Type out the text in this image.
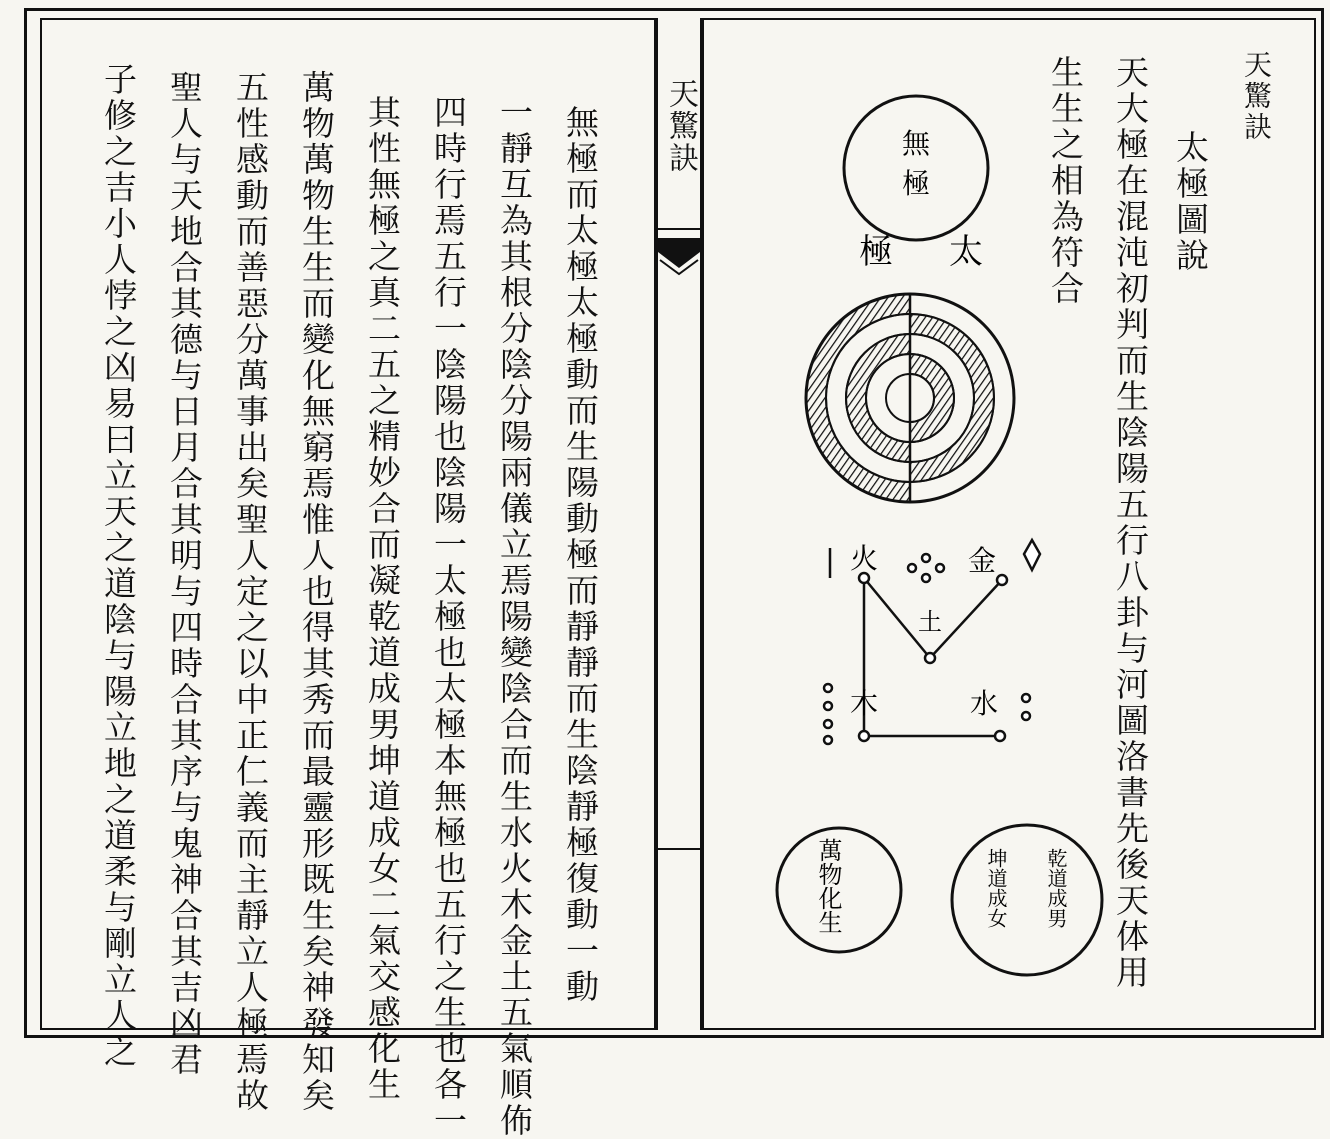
天驚訣	天驚訣
太極圖說
天大極在混沌初判而生陰陽五行八卦与河圖洛書先後天体用
生生之相為符合
無極
極 太
火	金
土
木	水
萬物化生	乾道成男
坤道成女
無極而太極太極動而生陽動極而靜靜而生陰靜極復動一動
一靜互為其根分陰分陽兩儀立焉陽變陰合而生水火木金土五氣順佈
四時行焉五行一陰陽也陰陽一太極也太極本無極也五行之生也各一
其性無極之真二五之精妙合而凝乾道成男坤道成女二氣交感化生
萬物萬物生生而變化無窮焉惟人也得其秀而最靈形既生矣神發知矣
五性感動而善惡分萬事出矣聖人定之以中正仁義而主靜立人極焉故
聖人与天地合其德与日月合其明与四時合其序与鬼神合其吉凶君
子修之吉小人悖之凶易曰立天之道陰与陽立地之道柔与剛立人之
